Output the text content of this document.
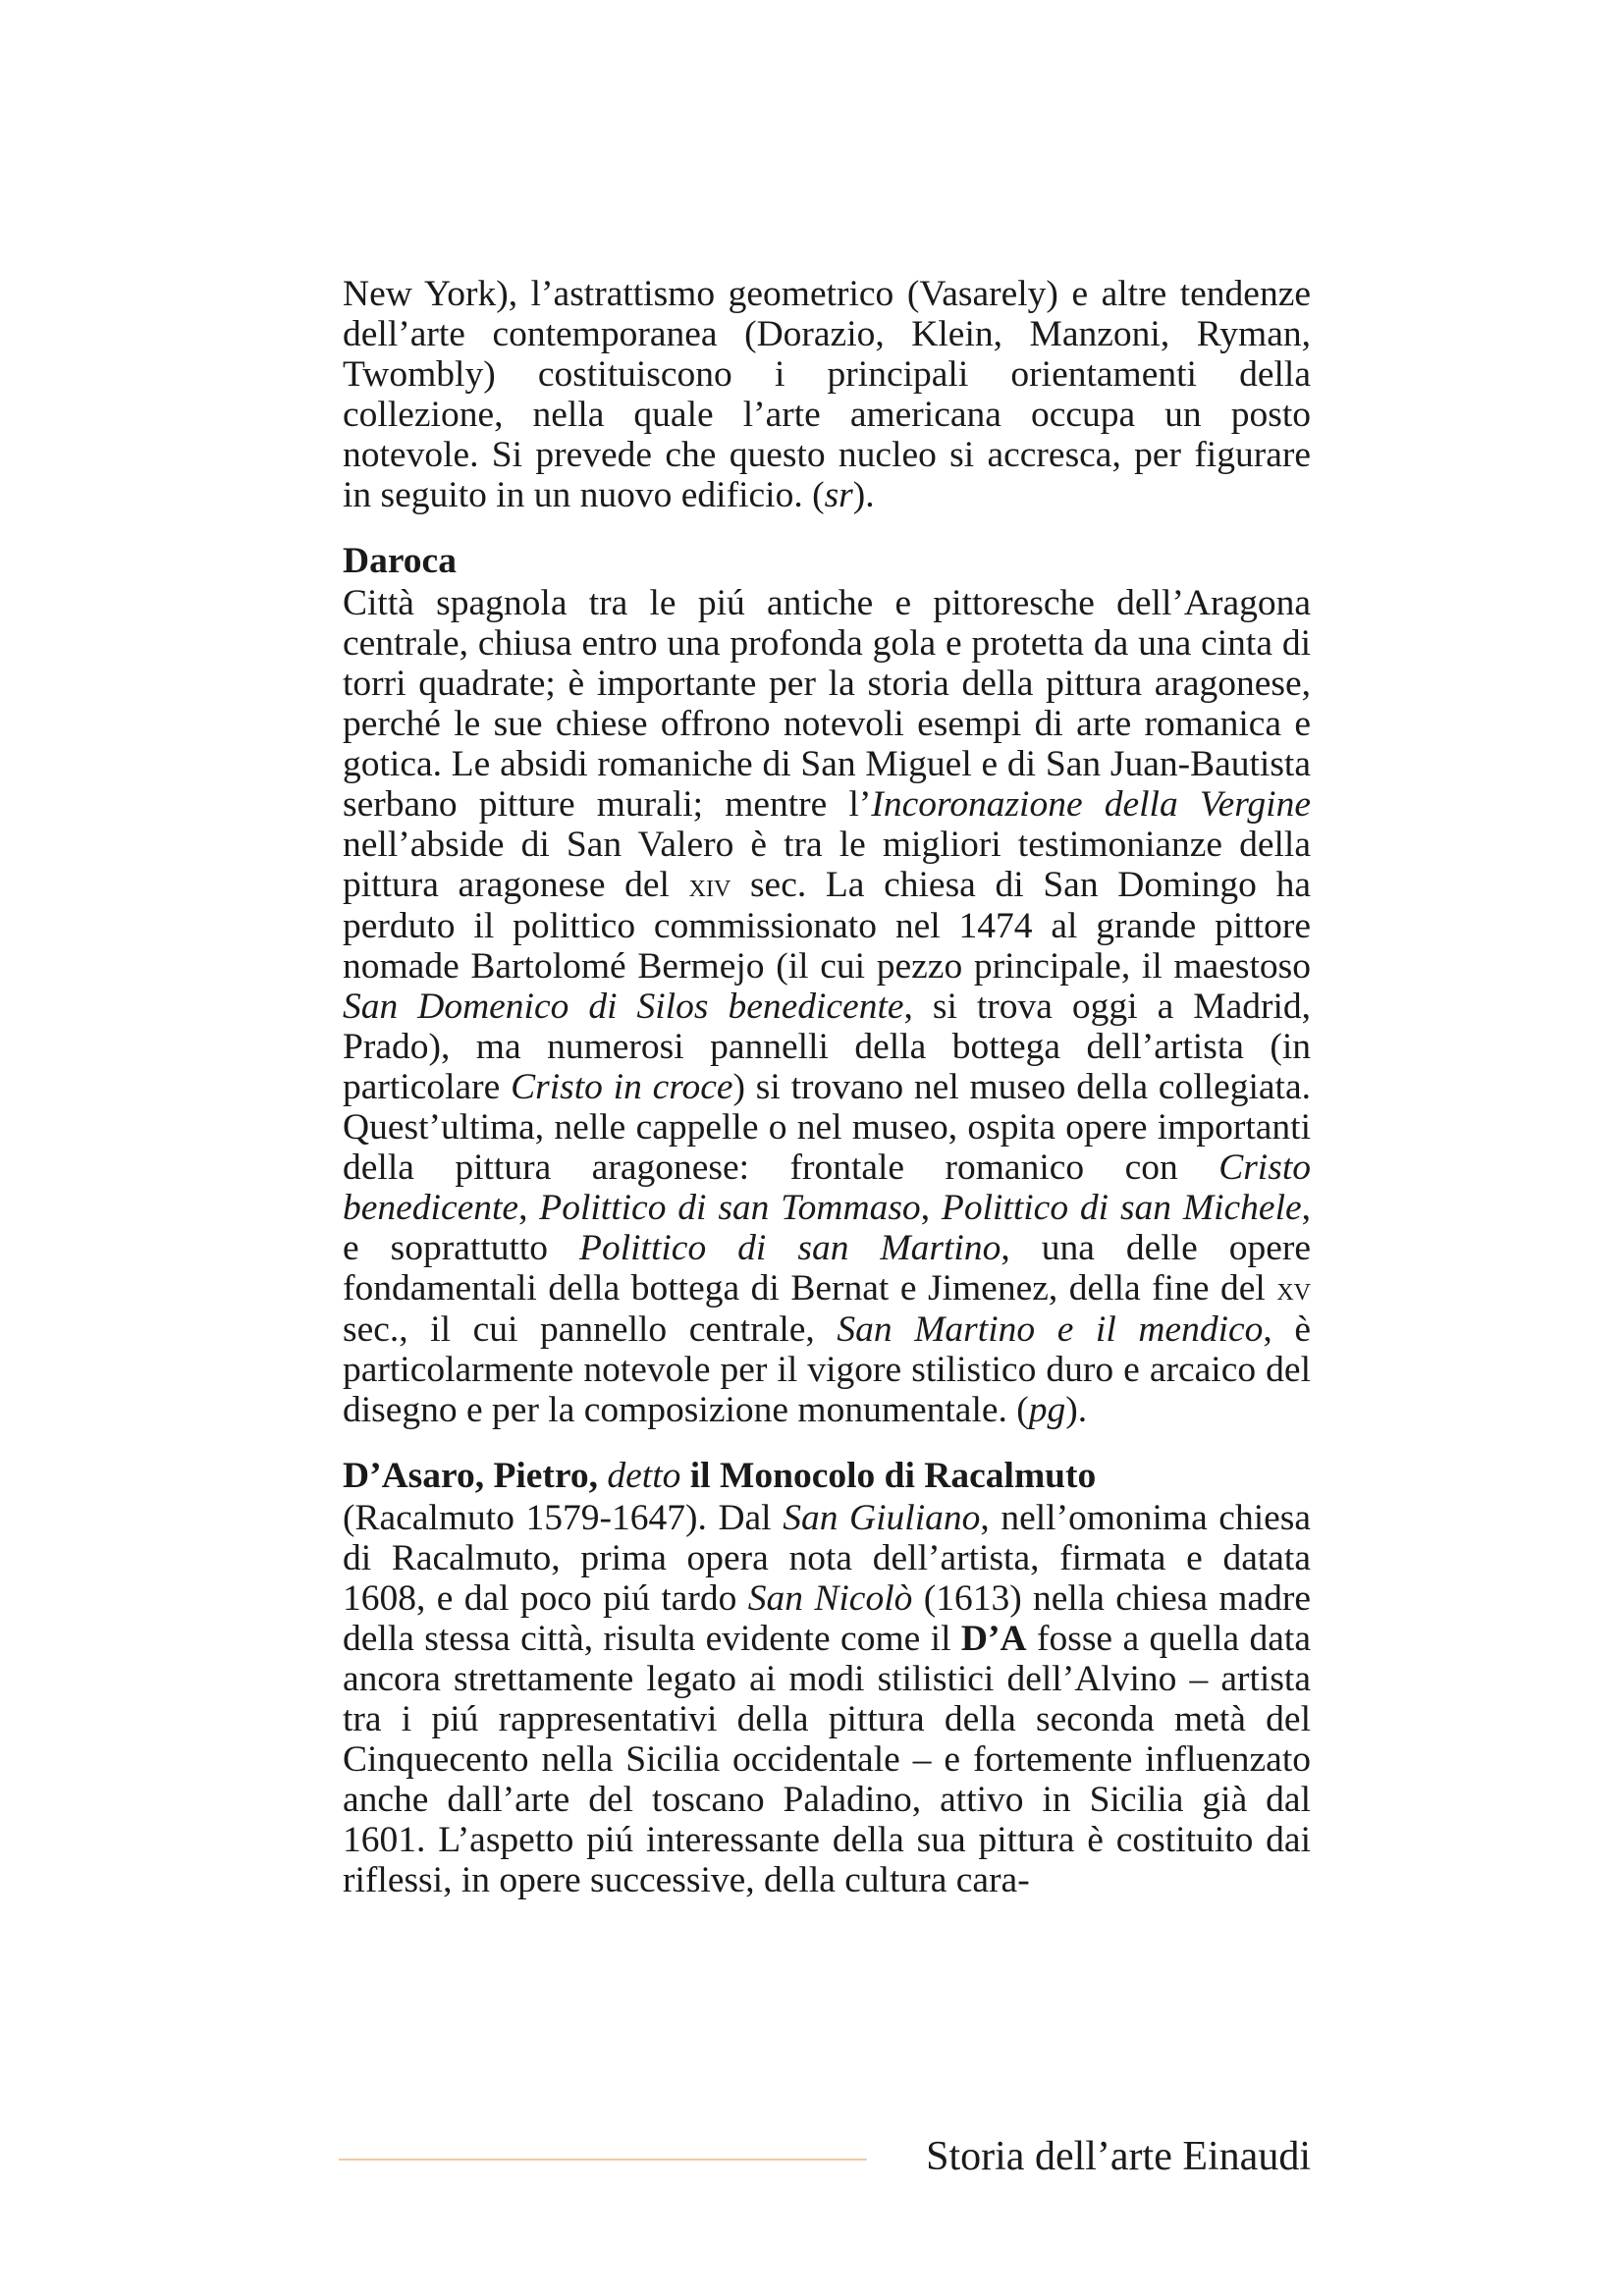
New York), l’astrattismo geometrico (Vasarely) e altre tendenze dell’arte contemporanea (Dorazio, Klein, Manzoni, Ryman, Twombly) costituiscono i principali orientamenti della collezione, nella quale l’arte americana occupa un posto notevole. Si prevede che questo nucleo si accresca, per figurare in seguito in un nuovo edificio. (sr).

Daroca

Città spagnola tra le piú antiche e pittoresche dell’Aragona centrale, chiusa entro una profonda gola e protetta da una cinta di torri quadrate; è importante per la storia della pittura aragonese, perché le sue chiese offrono notevoli esempi di arte romanica e gotica. Le absidi romaniche di San Miguel e di San Juan-Bautista serbano pitture murali; mentre l’Incoronazione della Vergine nell’abside di San Valero è tra le migliori testimonianze della pittura aragonese del xiv sec. La chiesa di San Domingo ha perduto il polittico commissionato nel 1474 al grande pittore nomade Bartolomé Bermejo (il cui pezzo principale, il maestoso San Domenico di Silos benedicente, si trova oggi a Madrid, Prado), ma numerosi pannelli della bottega dell’artista (in particolare Cristo in croce) si trovano nel museo della collegiata. Quest’ultima, nelle cappelle o nel museo, ospita opere importanti della pittura aragonese: frontale romanico con Cristo benedicente, Polittico di san Tommaso, Polittico di san Michele, e soprattutto Polittico di san Martino, una delle opere fondamentali della bottega di Bernat e Jimenez, della fine del xv sec., il cui pannello centrale, San Martino e il mendico, è particolarmente notevole per il vigore stilistico duro e arcaico del disegno e per la composizione monumentale. (pg).

D’Asaro, Pietro, detto il Monocolo di Racalmuto

(Racalmuto 1579-1647). Dal San Giuliano, nell’omonima chiesa di Racalmuto, prima opera nota dell’artista, firmata e datata 1608, e dal poco piú tardo San Nicolò (1613) nella chiesa madre della stessa città, risulta evidente come il D’A fosse a quella data ancora strettamente legato ai modi stilistici dell’Alvino – artista tra i piú rappresentativi della pittura della seconda metà del Cinquecento nella Sicilia occidentale – e fortemente influenzato anche dall’arte del toscano Paladino, attivo in Sicilia già dal 1601. L’aspetto piú interessante della sua pittura è costituito dai riflessi, in opere successive, della cultura cara-

Storia dell’arte Einaudi
